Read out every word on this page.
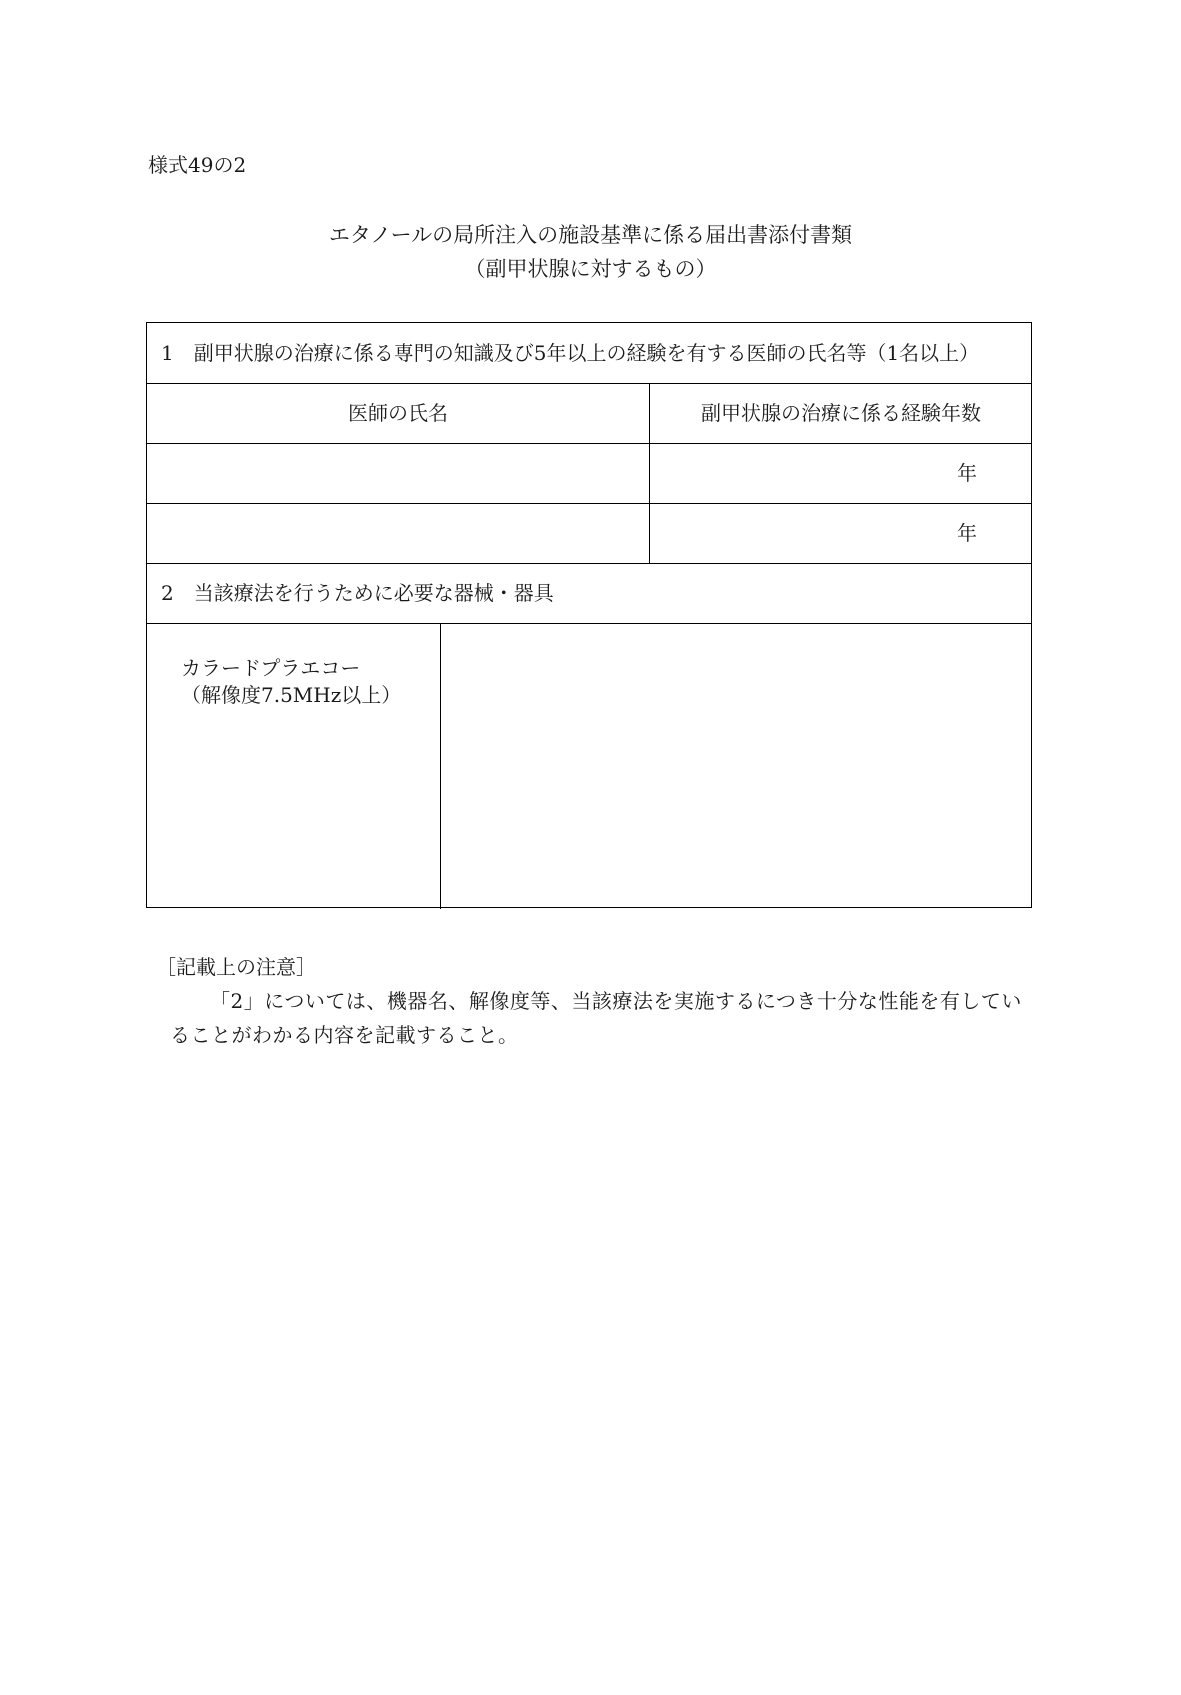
様式49の2
エタノールの局所注入の施設基準に係る届出書添付書類
（副甲状腺に対するもの）
1　副甲状腺の治療に係る専門の知識及び5年以上の経験を有する医師の氏名等（1名以上）
医師の氏名	副甲状腺の治療に係る経験年数
年
年
2　当該療法を行うために必要な器械・器具
カラードプラエコー
（解像度7.5MHz以上）
［記載上の注意］
「2」については、機器名、解像度等、当該療法を実施するにつき十分な性能を有していることがわかる内容を記載すること。
